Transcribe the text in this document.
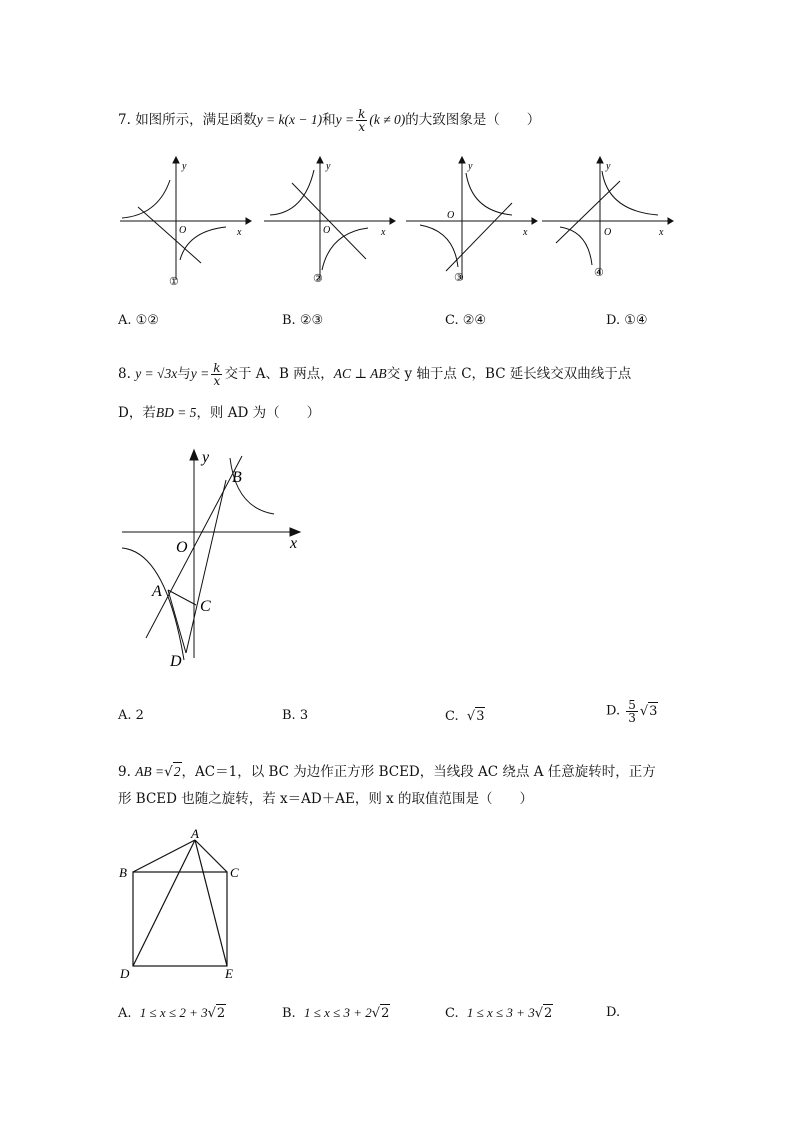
7. 如图所示，满足函数y = k(x − 1)和$y = \frac{k}{x} (k \ne 0)$的大致图象是（　　）
y
x
O
①
y
x
O
②
y
x
O
③
y
x
O
④
A. ①②	B. ②③	C. ②④	D. ①④
8. y = √3x与$y = \frac{k}{x}$ 交于 A、B 两点，AC ⊥ AB交 y 轴于点 C，BC 延长线交双曲线于点
D，若BD = 5，则 AD 为（　　）
y
x
O
B
A
C
D
A. 2	B. 3	C.  √3	D. $\frac{5}{3} √3$
9. AB =√2，AC＝1，以 BC 为边作正方形 BCED，当线段 AC 绕点 A 任意旋转时，正方
形 BCED 也随之旋转，若 x＝AD＋AE，则 x 的取值范围是（　　）
A
B	C
D	E
A. 1 ≤ x ≤ 2 + 3√2	B. 1 ≤ x ≤ 3 + 2√2	C. 1 ≤ x ≤ 3 + 3√2	D.
